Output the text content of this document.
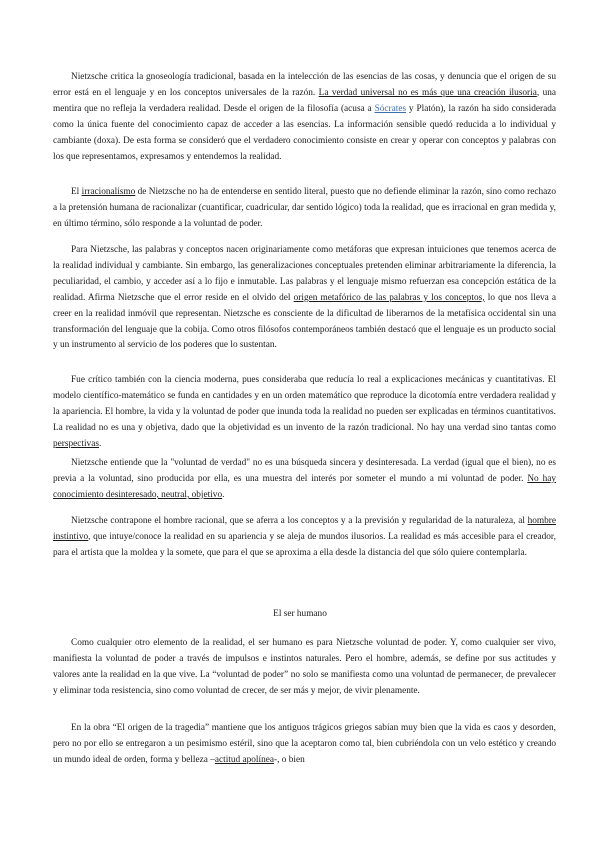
Nietzsche critica la gnoseología tradicional, basada en la intelección de las esencias de las cosas, y denuncia que el origen de su error está en el lenguaje y en los conceptos universales de la razón. La verdad universal no es más que una creación ilusoria, una mentira que no refleja la verdadera realidad. Desde el origen de la filosofía (acusa a Sócrates y Platón), la razón ha sido considerada como la única fuente del conocimiento capaz de acceder a las esencias. La información sensible quedó reducida a lo individual y cambiante (doxa). De esta forma se consideró que el verdadero conocimiento consiste en crear y operar con conceptos y palabras con los que representamos, expresamos y entendemos la realidad.

El irracionalismo de Nietzsche no ha de entenderse en sentido literal, puesto que no defiende eliminar la razón, sino como rechazo a la pretensión humana de racionalizar (cuantificar, cuadricular, dar sentido lógico) toda la realidad, que es irracional en gran medida y, en último término, sólo responde a la voluntad de poder.

Para Nietzsche, las palabras y conceptos nacen originariamente como metáforas que expresan intuiciones que tenemos acerca de la realidad individual y cambiante. Sin embargo, las generalizaciones conceptuales pretenden eliminar arbitrariamente la diferencia, la peculiaridad, el cambio, y acceder así a lo fijo e inmutable. Las palabras y el lenguaje mismo refuerzan esa concepción estática de la realidad. Afirma Nietzsche que el error reside en el olvido del origen metafórico de las palabras y los conceptos, lo que nos lleva a creer en la realidad inmóvil que representan. Nietzsche es consciente de la dificultad de liberarnos de la metafísica occidental sin una transformación del lenguaje que la cobija. Como otros filósofos contemporáneos también destacó que el lenguaje es un producto social y un instrumento al servicio de los poderes que lo sustentan.

Fue crítico también con la ciencia moderna, pues consideraba que reducía lo real a explicaciones mecánicas y cuantitativas. El modelo científico-matemático se funda en cantidades y en un orden matemático que reproduce la dicotomía entre verdadera realidad y la apariencia. El hombre, la vida y la voluntad de poder que inunda toda la realidad no pueden ser explicadas en términos cuantitativos. La realidad no es una y objetiva, dado que la objetividad es un invento de la razón tradicional. No hay una verdad sino tantas como perspectivas.

Nietzsche entiende que la "voluntad de verdad" no es una búsqueda sincera y desinteresada. La verdad (igual que el bien), no es previa a la voluntad, sino producida por ella, es una muestra del interés por someter el mundo a mi voluntad de poder. No hay conocimiento desinteresado, neutral, objetivo.

Nietzsche contrapone el hombre racional, que se aferra a los conceptos y a la previsión y regularidad de la naturaleza, al hombre instintivo, que intuye/conoce la realidad en su apariencia y se aleja de mundos ilusorios. La realidad es más accesible para el creador, para el artista que la moldea y la somete, que para el que se aproxima a ella desde la distancia del que sólo quiere contemplarla.

El ser humano

Como cualquier otro elemento de la realidad, el ser humano es para Nietzsche voluntad de poder. Y, como cualquier ser vivo, manifiesta la voluntad de poder a través de impulsos e instintos naturales. Pero el hombre, además, se define por sus actitudes y valores ante la realidad en la que vive. La “voluntad de poder” no solo se manifiesta como una voluntad de permanecer, de prevalecer y eliminar toda resistencia, sino como voluntad de crecer, de ser más y mejor, de vivir plenamente.

En la obra “El origen de la tragedia” mantiene que los antiguos trágicos griegos sabían muy bien que la vida es caos y desorden, pero no por ello se entregaron a un pesimismo estéril, sino que la aceptaron como tal, bien cubriéndola con un velo estético y creando un mundo ideal de orden, forma y belleza –actitud apolínea-, o bien
